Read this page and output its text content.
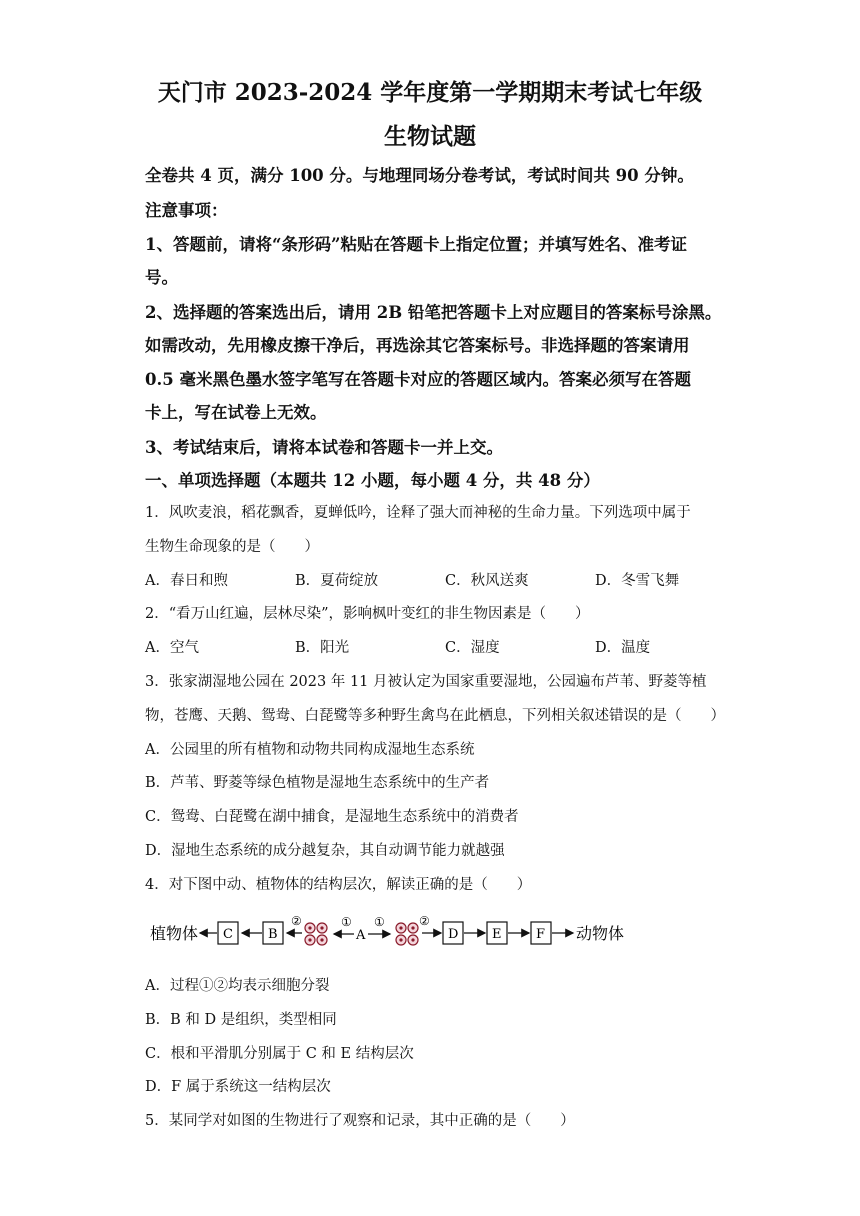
天门市 2023-2024 学年度第一学期期末考试七年级
生物试题
全卷共 4 页，满分 100 分。与地理同场分卷考试，考试时间共 90 分钟。
注意事项：
1、答题前，请将“条形码”粘贴在答题卡上指定位置；并填写姓名、准考证
号。
2、选择题的答案选出后，请用 2B 铅笔把答题卡上对应题目的答案标号涂黑。
如需改动，先用橡皮擦干净后，再选涂其它答案标号。非选择题的答案请用
0.5 毫米黑色墨水签字笔写在答题卡对应的答题区域内。答案必须写在答题
卡上，写在试卷上无效。
3、考试结束后，请将本试卷和答题卡一并上交。
一、单项选择题（本题共 12 小题，每小题 4 分，共 48 分）
1．风吹麦浪，稻花飘香，夏蝉低吟，诠释了强大而神秘的生命力量。下列选项中属于
生物生命现象的是（　　）
A．春日和煦	B．夏荷绽放	C．秋风送爽	D．冬雪飞舞
2．“看万山红遍，层林尽染”，影响枫叶变红的非生物因素是（　　）
A．空气	B．阳光	C．湿度	D．温度
3．张家湖湿地公园在 2023 年 11 月被认定为国家重要湿地，公园遍布芦苇、野菱等植
物，苍鹰、天鹅、鸳鸯、白琵鹭等多种野生禽鸟在此栖息，下列相关叙述错误的是（　　）
A．公园里的所有植物和动物共同构成湿地生态系统
B．芦苇、野菱等绿色植物是湿地生态系统中的生产者
C．鸳鸯、白琵鹭在湖中捕食，是湿地生态系统中的消费者
D．湿地生态系统的成分越复杂，其自动调节能力就越强
4．对下图中动、植物体的结构层次，解读正确的是（　　）
植物体 C	B
②	①
A
①	②
D	E	F 动物体
A．过程①②均表示细胞分裂
B．B 和 D 是组织，类型相同
C．根和平滑肌分别属于 C 和 E 结构层次
D．F 属于系统这一结构层次
5．某同学对如图的生物进行了观察和记录，其中正确的是（　　）
